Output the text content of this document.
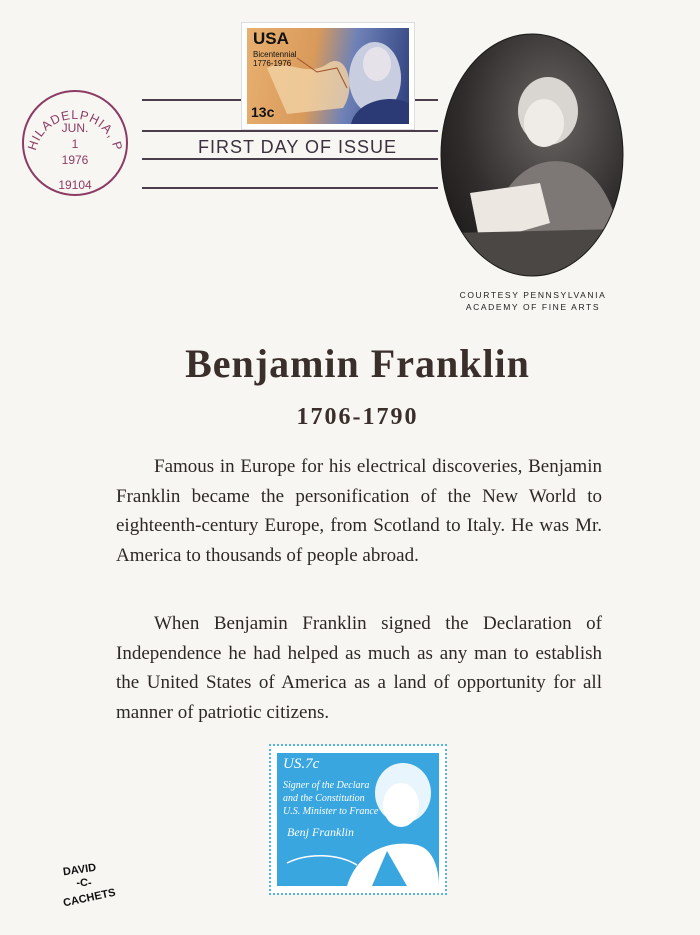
HILADELPHIA, P
JUN.
1
1976
19104
FIRST DAY OF ISSUE
USA
Bicentennial 1776-1976
13c
COURTESY PENNSYLVANIA
ACADEMY OF FINE ARTS
Benjamin Franklin
1706-1790
Famous in Europe for his electrical discoveries, Benjamin Franklin became the personification of the New World to eighteenth-century Europe, from Scotland to Italy. He was Mr. America to thousands of people abroad.
When Benjamin Franklin signed the Declaration of Independence he had helped as much as any man to establish the United States of America as a land of opportunity for all manner of patriotic citizens.
US.7c
Signer of the Declara
and the Constitution
U.S. Minister to France
Benj Franklin
DAVID
-C-
CACHETS
